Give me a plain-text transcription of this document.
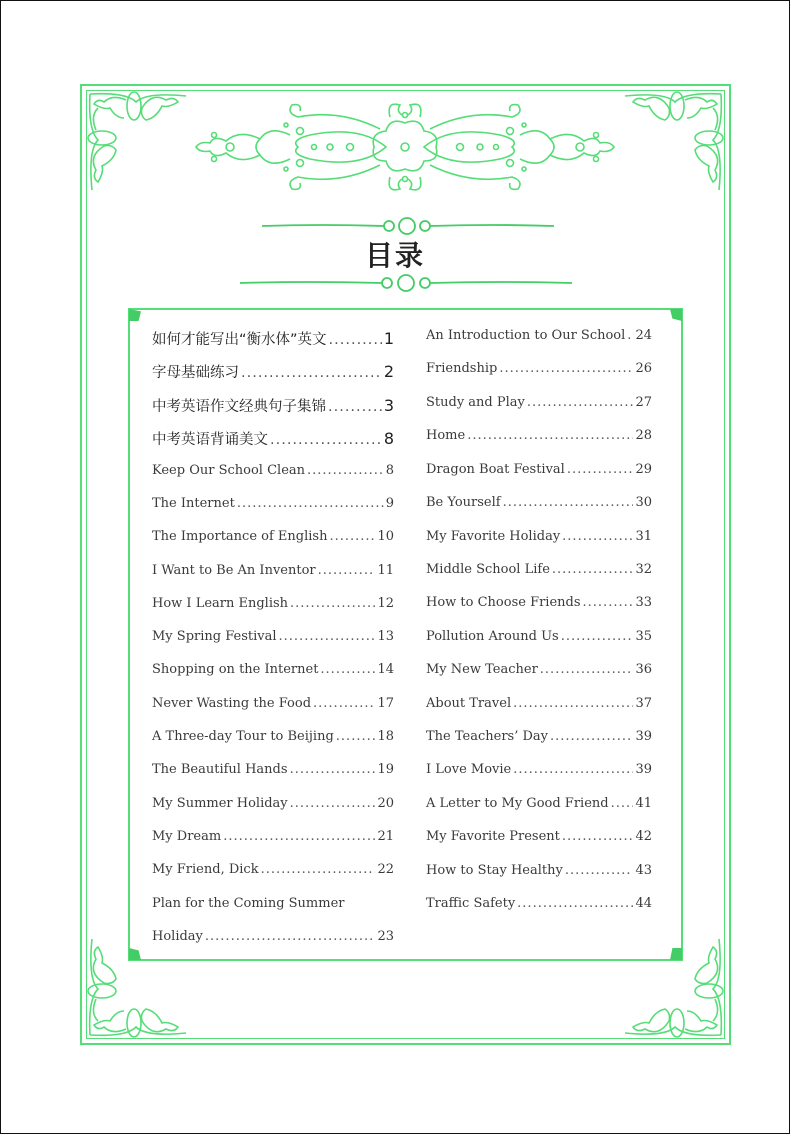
目录
如何才能写出“衡水体”英文 .....	1
字母基础练习 .....	2
中考英语作文经典句子集锦 .....	3
中考英语背诵美文 .....	8
Keep Our School Clean .....	8
The Internet .....	9
The Importance of English .....	10
I Want to Be An Inventor .....	11
How I Learn English .....	12
My Spring Festival .....	13
Shopping on the Internet .....	14
Never Wasting the Food .....	17
A Three-day Tour to Beijing .....	18
The Beautiful Hands .....	19
My Summer Holiday .....	20
My Dream .....	21
My Friend, Dick .....	22
Plan for the Coming Summer
Holiday .....	23
An Introduction to Our School ..... 24
Friendship .....	26
Study and Play .....	27
Home .....	28
Dragon Boat Festival .....	29
Be Yourself .....	30
My Favorite Holiday .....	31
Middle School Life .....	32
How to Choose Friends .....	33
Pollution Around Us .....	35
My New Teacher .....	36
About Travel .....	37
The Teachers’ Day .....	39
I Love Movie .....	39
A Letter to My Good Friend ..... 41
My Favorite Present .....	42
How to Stay Healthy .....	43
Traffic Safety .....	44
